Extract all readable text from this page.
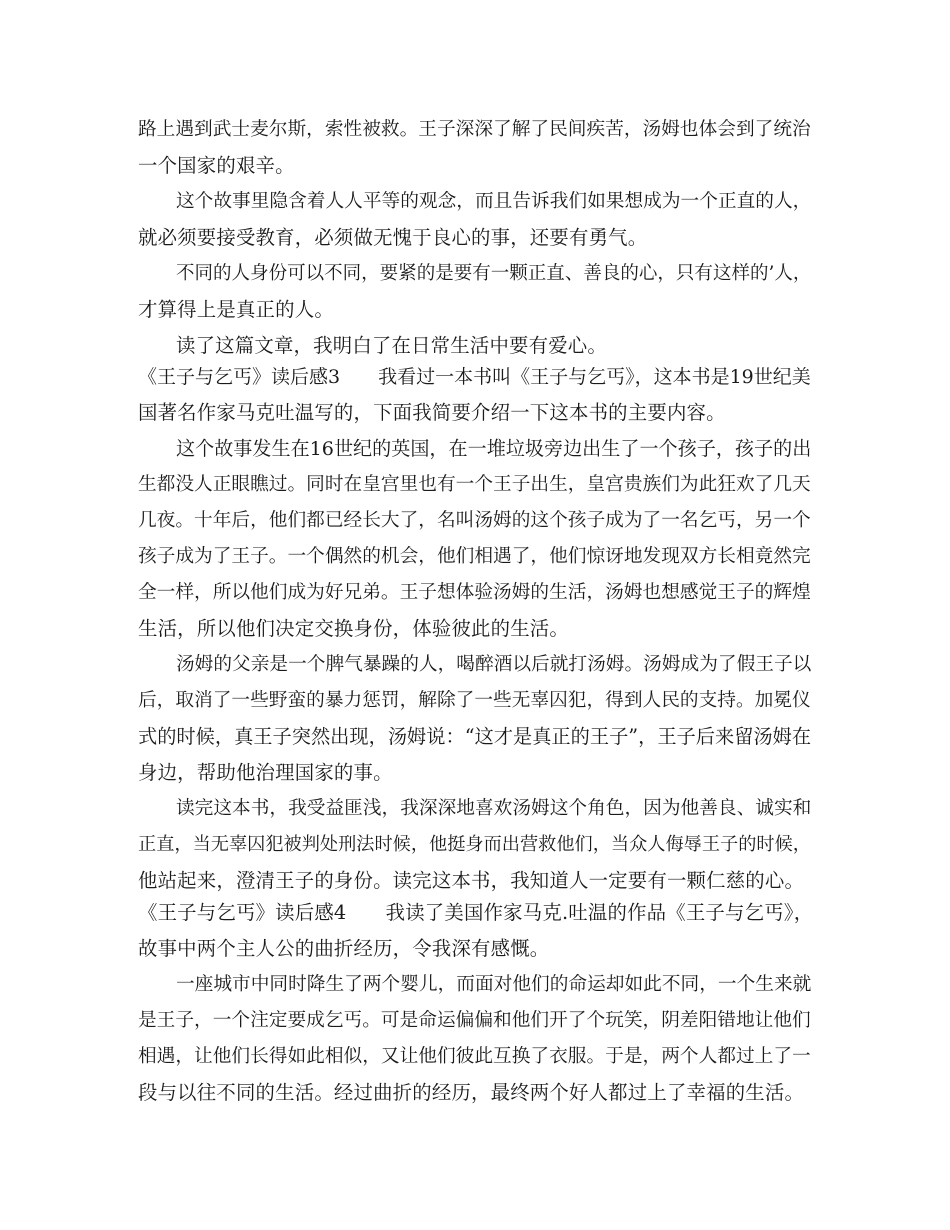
路上遇到武士麦尔斯，索性被救。王子深深了解了民间疾苦，汤姆也体会到了统治
一个国家的艰辛。
这个故事里隐含着人人平等的观念，而且告诉我们如果想成为一个正直的人，
就必须要接受教育，必须做无愧于良心的事，还要有勇气。
不同的人身份可以不同，要紧的是要有一颗正直、善良的心，只有这样的’人，
才算得上是真正的人。
读了这篇文章，我明白了在日常生活中要有爱心。
《王子与乞丐》读后感3　　我看过一本书叫《王子与乞丐》，这本书是19世纪美
国著名作家马克吐温写的，下面我简要介绍一下这本书的主要内容。
这个故事发生在16世纪的英国，在一堆垃圾旁边出生了一个孩子，孩子的出
生都没人正眼瞧过。同时在皇宫里也有一个王子出生，皇宫贵族们为此狂欢了几天
几夜。十年后，他们都已经长大了，名叫汤姆的这个孩子成为了一名乞丐，另一个
孩子成为了王子。一个偶然的机会，他们相遇了，他们惊讶地发现双方长相竟然完
全一样，所以他们成为好兄弟。王子想体验汤姆的生活，汤姆也想感觉王子的辉煌
生活，所以他们决定交换身份，体验彼此的生活。
汤姆的父亲是一个脾气暴躁的人，喝醉酒以后就打汤姆。汤姆成为了假王子以
后，取消了一些野蛮的暴力惩罚，解除了一些无辜囚犯，得到人民的支持。加冕仪
式的时候，真王子突然出现，汤姆说：“这才是真正的王子”，王子后来留汤姆在
身边，帮助他治理国家的事。
读完这本书，我受益匪浅，我深深地喜欢汤姆这个角色，因为他善良、诚实和
正直，当无辜囚犯被判处刑法时候，他挺身而出营救他们，当众人侮辱王子的时候，
他站起来，澄清王子的身份。读完这本书，我知道人一定要有一颗仁慈的心。
《王子与乞丐》读后感4　　我读了美国作家马克.吐温的作品《王子与乞丐》，
故事中两个主人公的曲折经历，令我深有感慨。
一座城市中同时降生了两个婴儿，而面对他们的命运却如此不同，一个生来就
是王子，一个注定要成乞丐。可是命运偏偏和他们开了个玩笑，阴差阳错地让他们
相遇，让他们长得如此相似，又让他们彼此互换了衣服。于是，两个人都过上了一
段与以往不同的生活。经过曲折的经历，最终两个好人都过上了幸福的生活。
